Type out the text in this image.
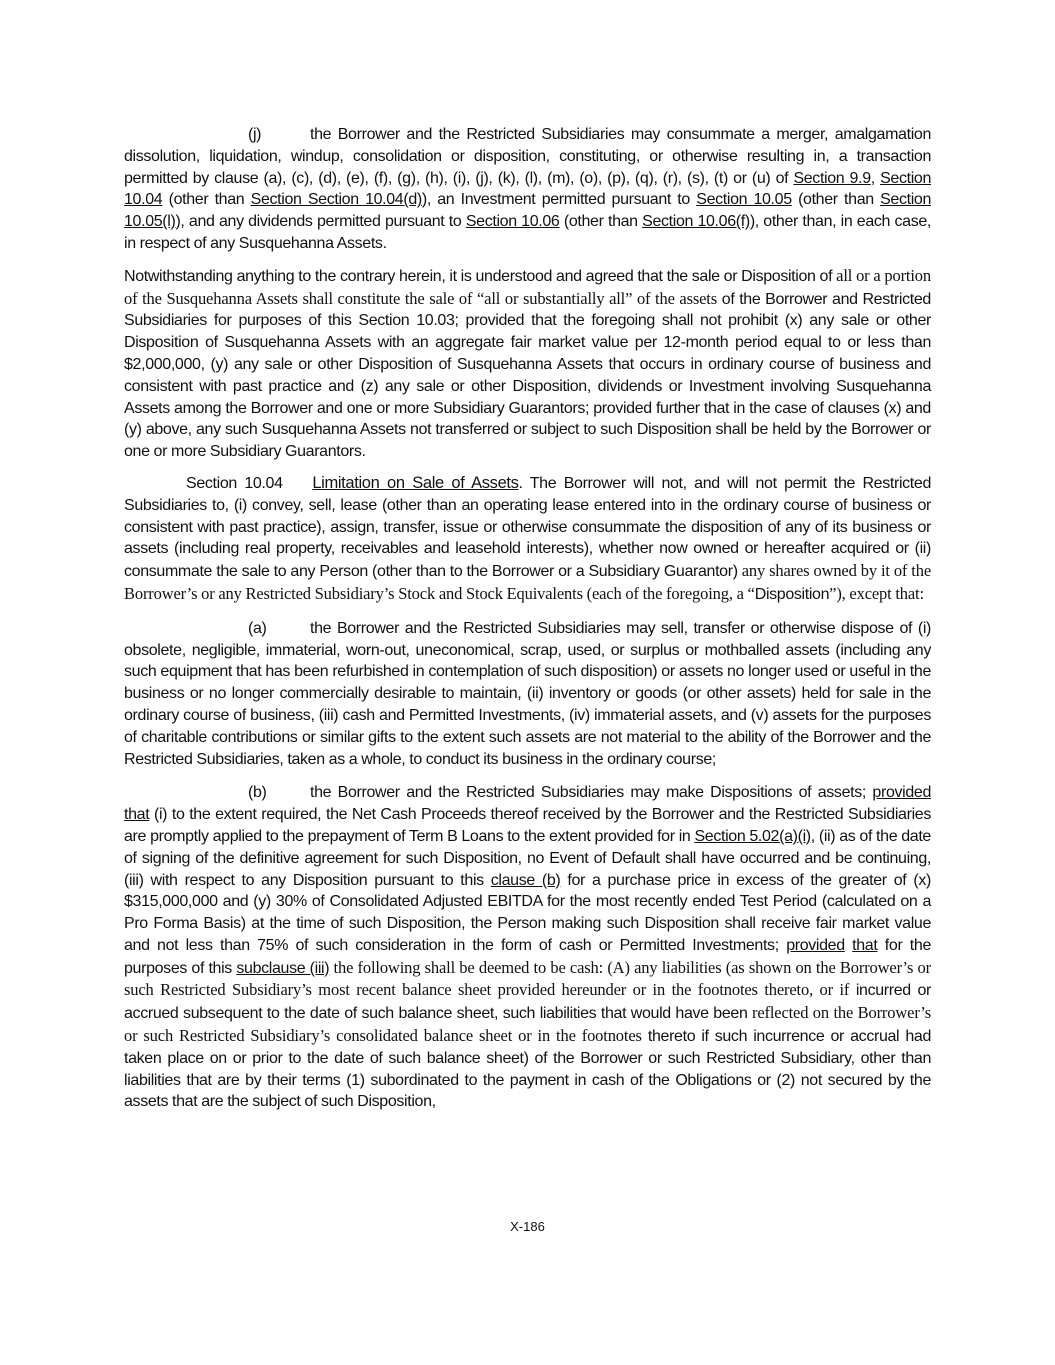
(j)	the Borrower and the Restricted Subsidiaries may consummate a merger, amalgamation dissolution, liquidation, windup, consolidation or disposition, constituting, or otherwise resulting in, a transaction permitted by clause (a), (c), (d), (e), (f), (g), (h), (i), (j), (k), (l), (m), (o), (p), (q), (r), (s), (t) or (u) of Section 9.9, Section 10.04 (other than Section Section 10.04(d)), an Investment permitted pursuant to Section 10.05 (other than Section 10.05(l)), and any dividends permitted pursuant to Section 10.06 (other than Section 10.06(f)), other than, in each case, in respect of any Susquehanna Assets.

Notwithstanding anything to the contrary herein, it is understood and agreed that the sale or Disposition of all or a portion of the Susquehanna Assets shall constitute the sale of “all or substantially all” of the assets of the Borrower and Restricted Subsidiaries for purposes of this Section 10.03; provided that the foregoing shall not prohibit (x) any sale or other Disposition of Susquehanna Assets with an aggregate fair market value per 12-month period equal to or less than $2,000,000, (y) any sale or other Disposition of Susquehanna Assets that occurs in ordinary course of business and consistent with past practice and (z) any sale or other Disposition, dividends or Investment involving Susquehanna Assets among the Borrower and one or more Subsidiary Guarantors; provided further that in the case of clauses (x) and (y) above, any such Susquehanna Assets not transferred or subject to such Disposition shall be held by the Borrower or one or more Subsidiary Guarantors.

Section 10.04 Limitation on Sale of Assets. The Borrower will not, and will not permit the Restricted Subsidiaries to, (i) convey, sell, lease (other than an operating lease entered into in the ordinary course of business or consistent with past practice), assign, transfer, issue or otherwise consummate the disposition of any of its business or assets (including real property, receivables and leasehold interests), whether now owned or hereafter acquired or (ii) consummate the sale to any Person (other than to the Borrower or a Subsidiary Guarantor) any shares owned by it of the Borrower’s or any Restricted Subsidiary’s Stock and Stock Equivalents (each of the foregoing, a “Disposition”), except that:

(a)	the Borrower and the Restricted Subsidiaries may sell, transfer or otherwise dispose of (i) obsolete, negligible, immaterial, worn-out, uneconomical, scrap, used, or surplus or mothballed assets (including any such equipment that has been refurbished in contemplation of such disposition) or assets no longer used or useful in the business or no longer commercially desirable to maintain, (ii) inventory or goods (or other assets) held for sale in the ordinary course of business, (iii) cash and Permitted Investments, (iv) immaterial assets, and (v) assets for the purposes of charitable contributions or similar gifts to the extent such assets are not material to the ability of the Borrower and the Restricted Subsidiaries, taken as a whole, to conduct its business in the ordinary course;

(b)	the Borrower and the Restricted Subsidiaries may make Dispositions of assets; provided that (i) to the extent required, the Net Cash Proceeds thereof received by the Borrower and the Restricted Subsidiaries are promptly applied to the prepayment of Term B Loans to the extent provided for in Section 5.02(a)(i), (ii) as of the date of signing of the definitive agreement for such Disposition, no Event of Default shall have occurred and be continuing, (iii) with respect to any Disposition pursuant to this clause (b) for a purchase price in excess of the greater of (x) $315,000,000 and (y) 30% of Consolidated Adjusted EBITDA for the most recently ended Test Period (calculated on a Pro Forma Basis) at the time of such Disposition, the Person making such Disposition shall receive fair market value and not less than 75% of such consideration in the form of cash or Permitted Investments; provided that for the purposes of this subclause (iii) the following shall be deemed to be cash: (A) any liabilities (as shown on the Borrower’s or such Restricted Subsidiary’s most recent balance sheet provided hereunder or in the footnotes thereto, or if incurred or accrued subsequent to the date of such balance sheet, such liabilities that would have been reflected on the Borrower’s or such Restricted Subsidiary’s consolidated balance sheet or in the footnotes thereto if such incurrence or accrual had taken place on or prior to the date of such balance sheet) of the Borrower or such Restricted Subsidiary, other than liabilities that are by their terms (1) subordinated to the payment in cash of the Obligations or (2) not secured by the assets that are the subject of such Disposition,

X-186
